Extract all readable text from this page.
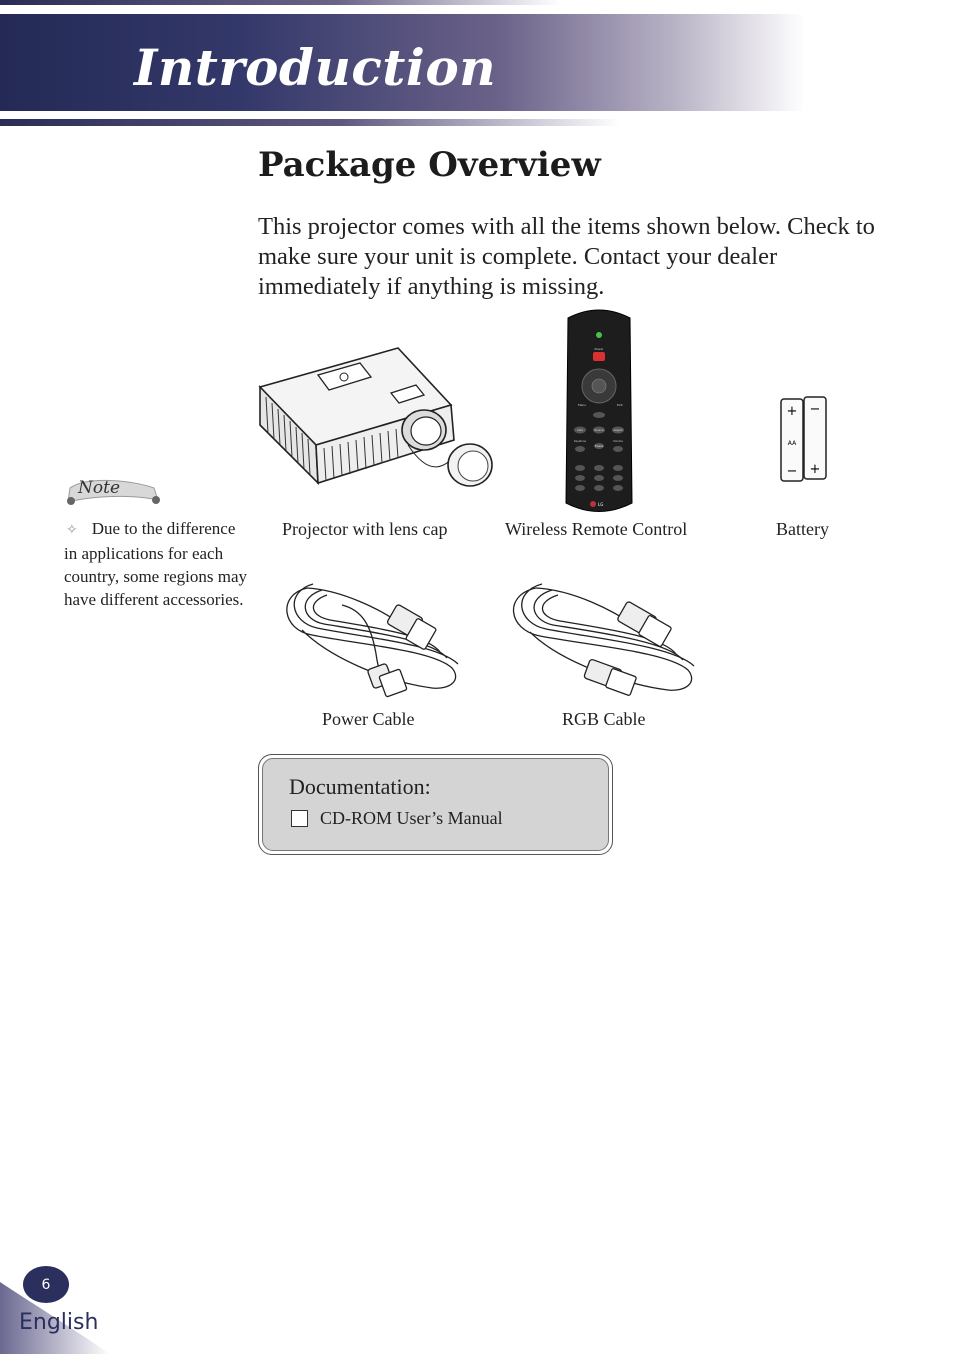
Introduction
Package Overview

This projector comes with all the items shown below. Check to make sure your unit is complete. Contact your dealer immediately if anything is missing.

Power
Menu	Exit
Auto	Source	Aspect
Keystone	Volume
Freeze
LG
+
−
−
+
AA
Projector with lens cap	Wireless Remote Control	Battery
Power Cable	RGB Cable
Note

✧ Due to the difference in applications for each country, some regions may have different accessories.

Documentation:
CD-ROM User’s Manual
6
English
